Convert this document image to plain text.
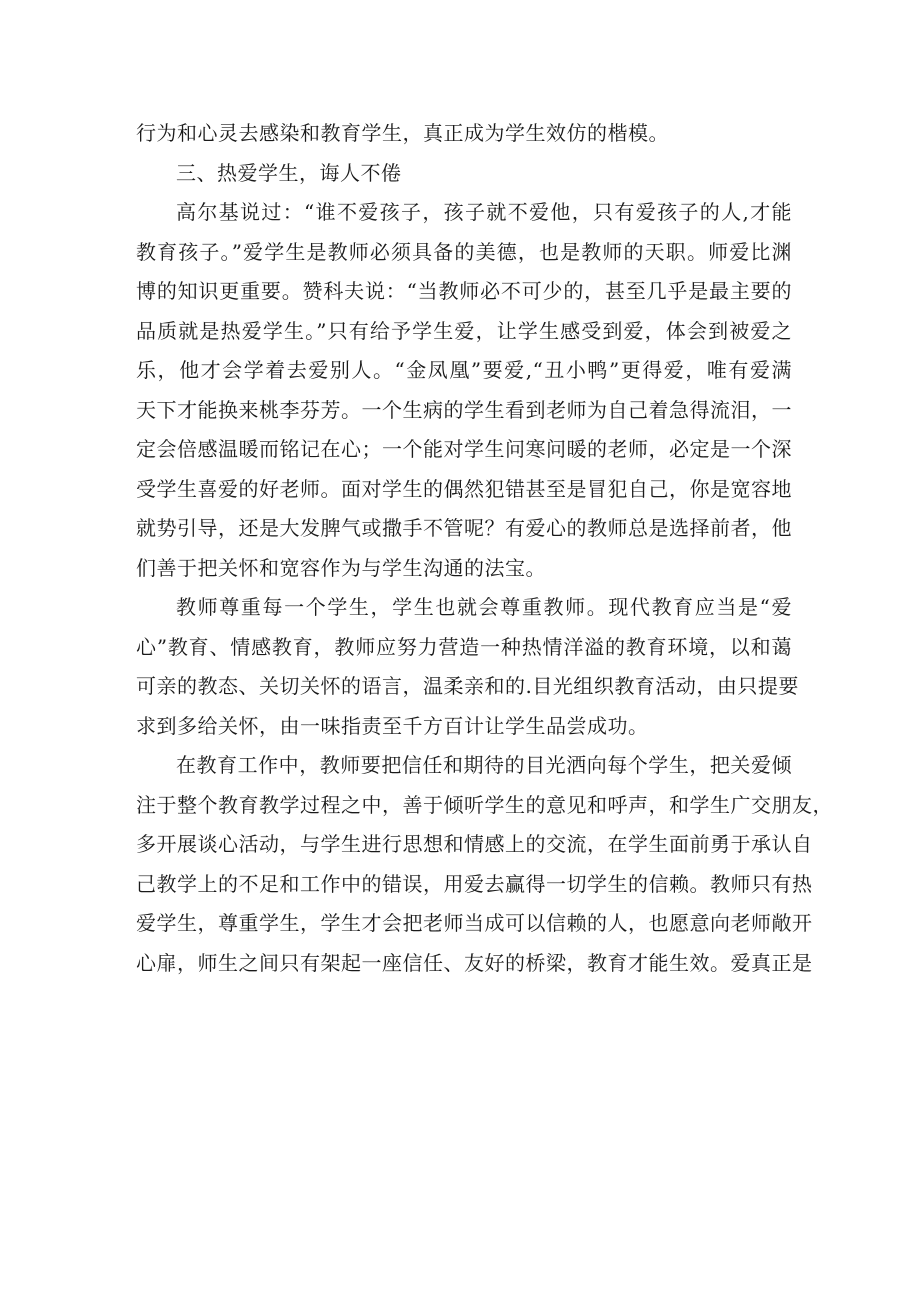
行为和心灵去感染和教育学生，真正成为学生效仿的楷模。
三、热爱学生，诲人不倦
高尔基说过：“谁不爱孩子，孩子就不爱他，只有爱孩子的人,才能
教育孩子。”爱学生是教师必须具备的美德，也是教师的天职。师爱比渊
博的知识更重要。赞科夫说：“当教师必不可少的，甚至几乎是最主要的
品质就是热爱学生。”只有给予学生爱，让学生感受到爱，体会到被爱之
乐，他才会学着去爱别人。“金凤凰”要爱,“丑小鸭”更得爱，唯有爱满
天下才能换来桃李芬芳。一个生病的学生看到老师为自己着急得流泪，一
定会倍感温暖而铭记在心；一个能对学生问寒问暖的老师，必定是一个深
受学生喜爱的好老师。面对学生的偶然犯错甚至是冒犯自己，你是宽容地
就势引导，还是大发脾气或撒手不管呢？有爱心的教师总是选择前者，他
们善于把关怀和宽容作为与学生沟通的法宝。
教师尊重每一个学生，学生也就会尊重教师。现代教育应当是“爱
心”教育、情感教育，教师应努力营造一种热情洋溢的教育环境，以和蔼
可亲的教态、关切关怀的语言，温柔亲和的.目光组织教育活动，由只提要
求到多给关怀，由一味指责至千方百计让学生品尝成功。
在教育工作中，教师要把信任和期待的目光洒向每个学生，把关爱倾
注于整个教育教学过程之中，善于倾听学生的意见和呼声，和学生广交朋友，
多开展谈心活动，与学生进行思想和情感上的交流，在学生面前勇于承认自
己教学上的不足和工作中的错误，用爱去赢得一切学生的信赖。教师只有热
爱学生，尊重学生，学生才会把老师当成可以信赖的人，也愿意向老师敞开
心扉，师生之间只有架起一座信任、友好的桥梁，教育才能生效。爱真正是
